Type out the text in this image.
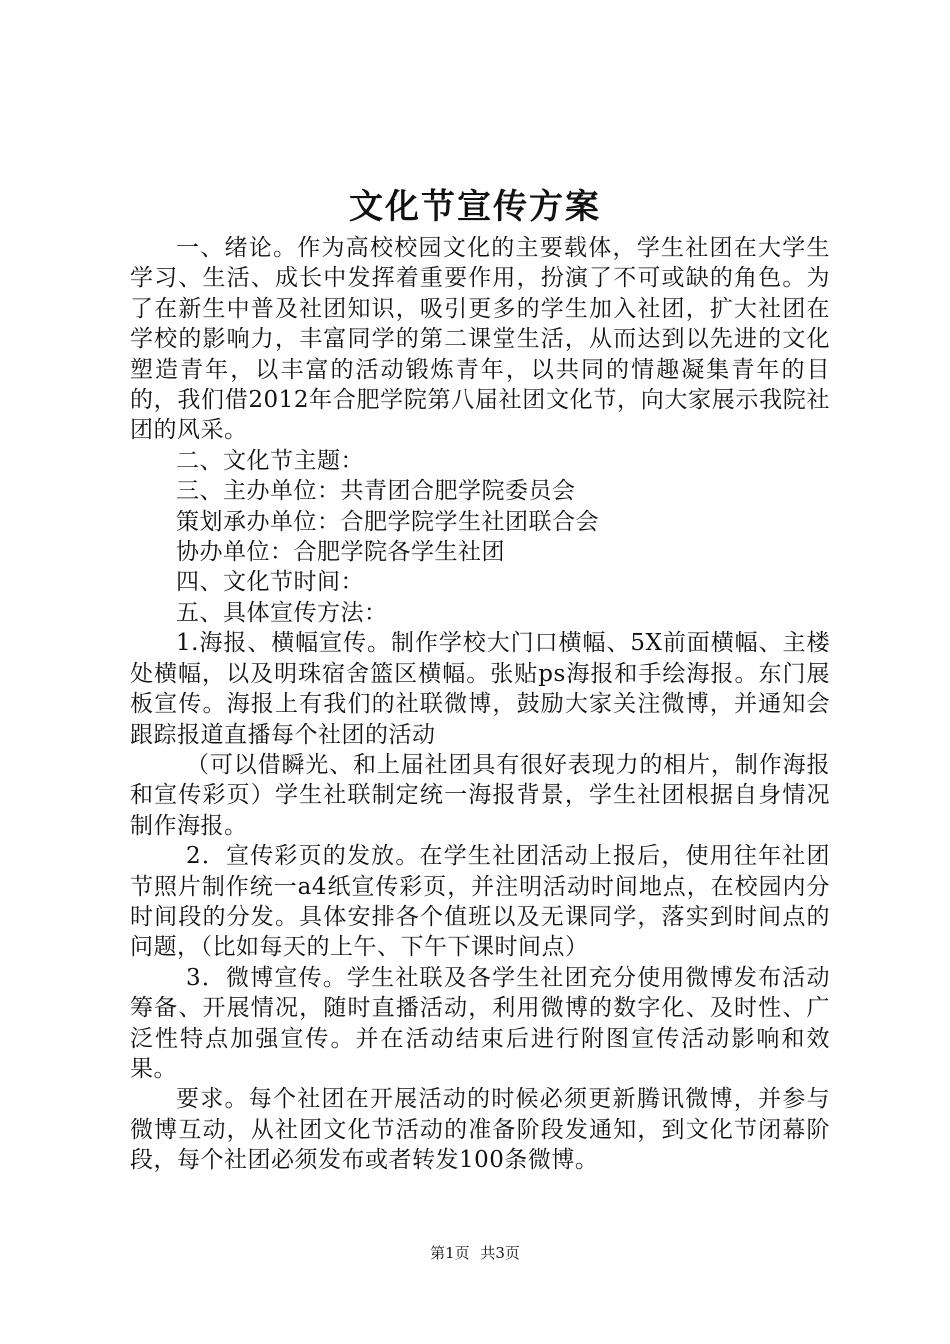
文化节宣传方案

一、绪论。作为高校校园文化的主要载体，学生社团在大学生学习、生活、成长中发挥着重要作用，扮演了不可或缺的角色。为了在新生中普及社团知识，吸引更多的学生加入社团，扩大社团在学校的影响力，丰富同学的第二课堂生活，从而达到以先进的文化塑造青年，以丰富的活动锻炼青年，以共同的情趣凝集青年的目的，我们借2012年合肥学院第八届社团文化节，向大家展示我院社团的风采。

二、文化节主题：

三、主办单位：共青团合肥学院委员会

策划承办单位：合肥学院学生社团联合会

协办单位：合肥学院各学生社团

四、文化节时间：

五、具体宣传方法：

1.海报、横幅宣传。制作学校大门口横幅、5X前面横幅、主楼处横幅，以及明珠宿舍篮区横幅。张贴ps海报和手绘海报。东门展板宣传。海报上有我们的社联微博，鼓励大家关注微博，并通知会跟踪报道直播每个社团的活动

（可以借瞬光、和上届社团具有很好表现力的相片，制作海报和宣传彩页）学生社联制定统一海报背景，学生社团根据自身情况制作海报。

2．宣传彩页的发放。在学生社团活动上报后，使用往年社团节照片制作统一a4纸宣传彩页，并注明活动时间地点，在校园内分时间段的分发。具体安排各个值班以及无课同学，落实到时间点的问题，（比如每天的上午、下午下课时间点）

3．微博宣传。学生社联及各学生社团充分使用微博发布活动筹备、开展情况，随时直播活动，利用微博的数字化、及时性、广泛性特点加强宣传。并在活动结束后进行附图宣传活动影响和效果。

要求。每个社团在开展活动的时候必须更新腾讯微博，并参与微博互动，从社团文化节活动的准备阶段发通知，到文化节闭幕阶段，每个社团必须发布或者转发100条微博。

第1页 共3页
